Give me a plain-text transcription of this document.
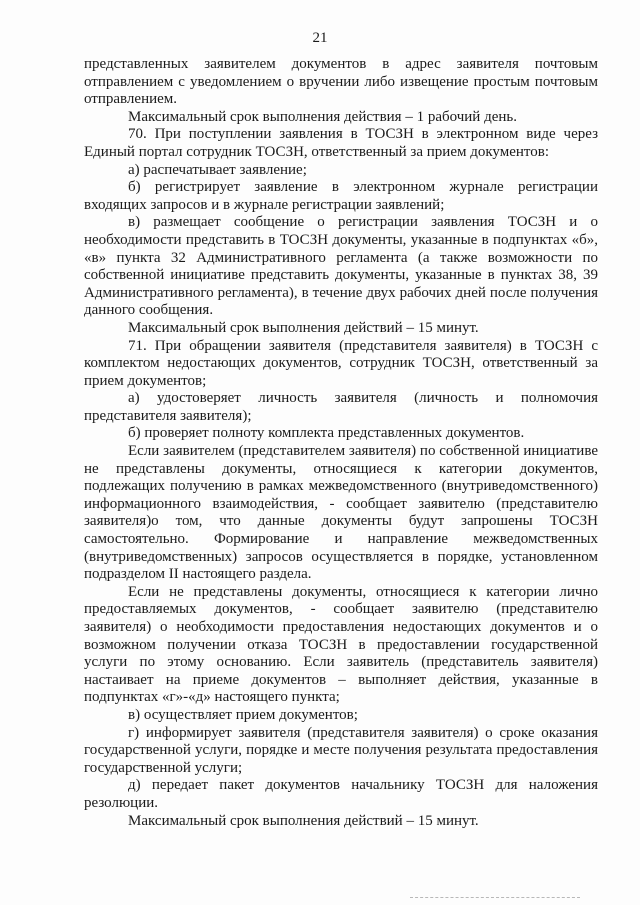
21

представленных заявителем документов в адрес заявителя почтовым отправлением с уведомлением о вручении либо извещение простым почтовым отправлением.

Максимальный срок выполнения действия – 1 рабочий день.

70. При поступлении заявления в ТОСЗН в электронном виде через Единый портал сотрудник ТОСЗН, ответственный за прием документов:

а) распечатывает заявление;

б) регистрирует заявление в электронном журнале регистрации входящих запросов и в журнале регистрации заявлений;

в) размещает сообщение о регистрации заявления ТОСЗН и о необходимости представить в ТОСЗН документы, указанные в подпунктах «б», «в» пункта 32 Административного регламента (а также возможности по собственной инициативе представить документы, указанные в пунктах 38, 39 Административного регламента), в течение двух рабочих дней после получения данного сообщения.

Максимальный срок выполнения действий – 15 минут.

71. При обращении заявителя (представителя заявителя) в ТОСЗН с комплектом недостающих документов, сотрудник ТОСЗН, ответственный за прием документов;

а) удостоверяет личность заявителя (личность и полномочия представителя заявителя);

б) проверяет полноту комплекта представленных документов.

Если заявителем (представителем заявителя) по собственной инициативе не представлены документы, относящиеся к категории документов, подлежащих получению в рамках межведомственного (внутриведомственного) информационного взаимодействия, - сообщает заявителю (представителю заявителя)о том, что данные документы будут запрошены ТОСЗН самостоятельно. Формирование и направление межведомственных (внутриведомственных) запросов осуществляется в порядке, установленном подразделом II настоящего раздела.

Если не представлены документы, относящиеся к категории лично предоставляемых документов, - сообщает заявителю (представителю заявителя) о необходимости предоставления недостающих документов и о возможном получении отказа ТОСЗН в предоставлении государственной услуги по этому основанию. Если заявитель (представитель заявителя) настаивает на приеме документов – выполняет действия, указанные в подпунктах «г»-«д» настоящего пункта;

в) осуществляет прием документов;

г) информирует заявителя (представителя заявителя) о сроке оказания государственной услуги, порядке и месте получения результата предоставления государственной услуги;

д) передает пакет документов начальнику ТОСЗН для наложения резолюции.

Максимальный срок выполнения действий – 15 минут.
